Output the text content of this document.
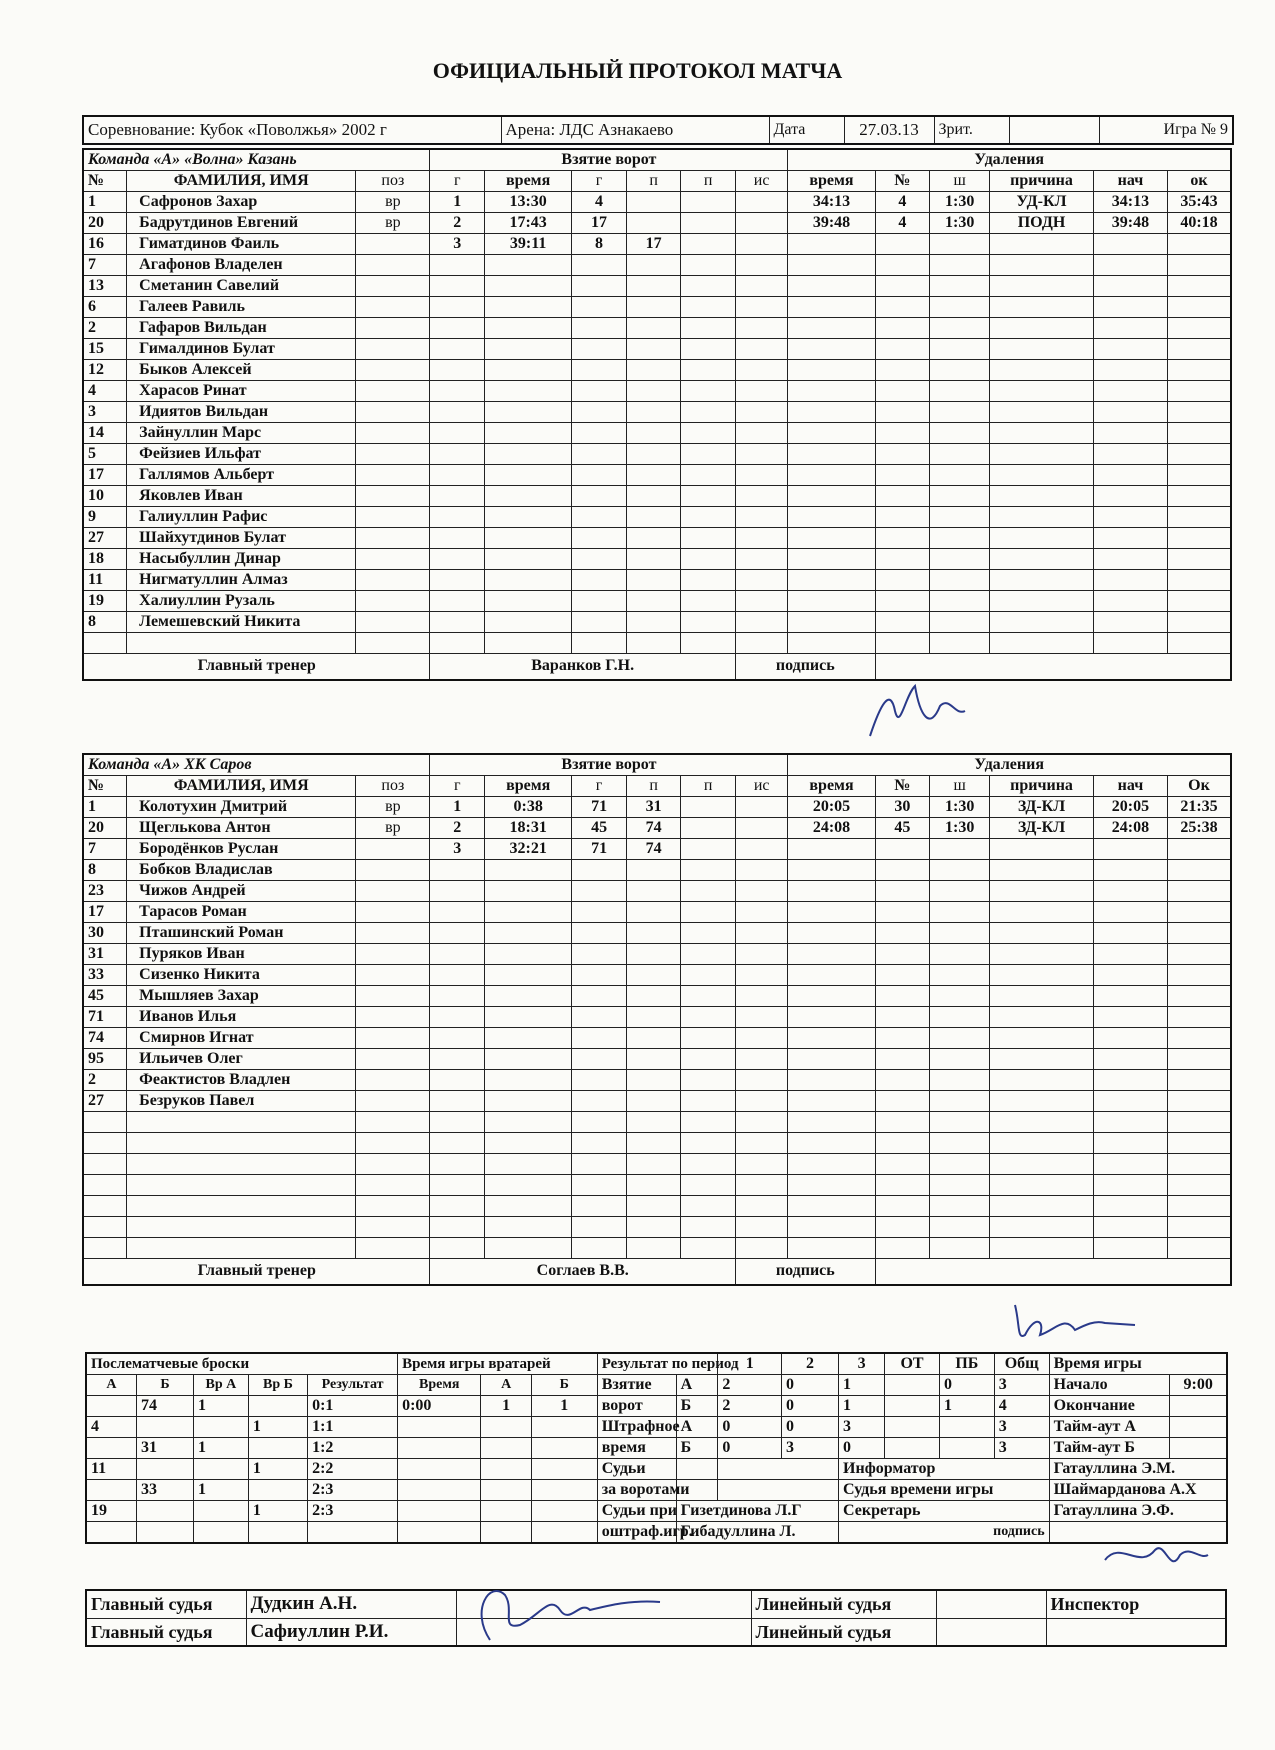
ОФИЦИАЛЬНЫЙ ПРОТОКОЛ МАТЧА
Соревнование: Кубок «Поволжья» 2002 г	Арена: ЛДС Азнакаево	Дата	27.03.13	Зрит.		Игра № 9
Команда «А» «Волна» Казань			Взятие ворот						Удаления					
№	ФАМИЛИЯ, ИМЯ	поз	г	время	г	п	п	ис	время	№	ш	причина	нач	ок
1	Сафронов Захар	вр	1	13:30	4				34:13	4	1:30	УД-КЛ	34:13	35:43
20	Бадрутдинов Евгений	вр	2	17:43	17				39:48	4	1:30	ПОДН	39:48	40:18
16	Гиматдинов Фаиль		3	39:11	8	17								
7	Агафонов Владелен													
13	Сметанин Савелий													
6	Галеев Равиль													
2	Гафаров Вильдан													
15	Гималдинов Булат													
12	Быков Алексей													
4	Харасов Ринат													
3	Идиятов Вильдан													
14	Зайнуллин Марс													
5	Фейзиев Ильфат													
17	Галлямов Альберт													
10	Яковлев Иван													
9	Галиуллин Рафис													
27	Шайхутдинов Булат													
18	Насыбуллин Динар													
11	Нигматуллин Алмаз													
19	Халиуллин Рузаль													
8	Лемешевский Никита													

Главный тренер			Варанков Г.Н.					подпись						
Команда «А» ХК Саров			Взятие ворот						Удаления					
№	ФАМИЛИЯ, ИМЯ	поз	г	время	г	п	п	ис	время	№	ш	причина	нач	Ок
1	Колотухин Дмитрий	вр	1	0:38	71	31			20:05	30	1:30	ЗД-КЛ	20:05	21:35
20	Щеглькова Антон	вр	2	18:31	45	74			24:08	45	1:30	ЗД-КЛ	24:08	25:38
7	Бородёнков Руслан		3	32:21	71	74								
8	Бобков Владислав													
23	Чижов Андрей													
17	Тарасов Роман													
30	Пташинский Роман													
31	Пуряков Иван													
33	Сизенко Никита													
45	Мышляев Захар													
71	Иванов Илья													
74	Смирнов Игнат													
95	Ильичев Олег													
2	Феактистов Владлен													
27	Безруков Павел													

Главный тренер			Соглаев В.В.					подпись						
Послематчевые броски					Время игры вратарей			Результат по период		1	2	3	ОТ	ПБ	Общ	Время игры	
А	Б	Вр А	Вр Б	Результат	Время	А	Б	Взятие	А	2	0	1		0	3	Начало	9:00
	74	1		0:1	0:00	1	1	ворот	Б	2	0	1		1	4	Окончание	
4			1	1:1				Штрафное	А	0	0	3			3	Тайм-аут А	
	31	1		1:2				время	Б	0	3	0			3	Тайм-аут Б	
11			1	2:2				Судьи				Информатор				Гатауллина Э.М.	
	33	1		2:3				за воротами				Судья времени игры				Шаймарданова А.Х	
19			1	2:3				Судьи при	Гизетдинова Л.Г			Секретарь				Гатауллина Э.Ф.	
								оштраф.игр.	Гибадуллина Л.			подпись					
Главный судья	Дудкин А.Н.		Линейный судья		Инспектор
Главный судья	Сафиуллин Р.И.		Линейный судья		
